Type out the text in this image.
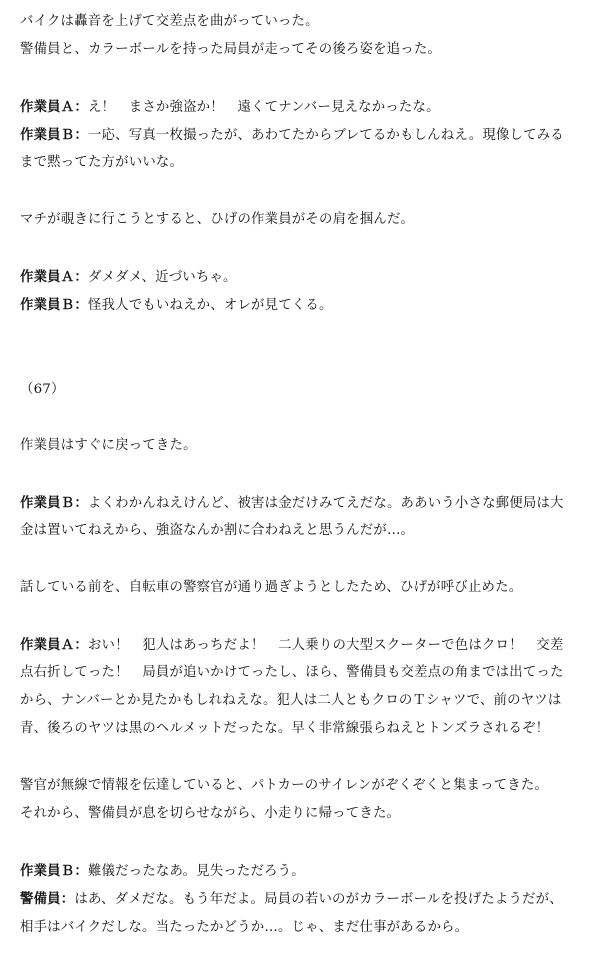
バイクは轟音を上げて交差点を曲がっていった。
警備員と、カラーボールを持った局員が走ってその後ろ姿を追った。
作業員Ａ：え！　まさか強盗か！　遠くてナンバー見えなかったな。
作業員Ｂ：一応、写真一枚撮ったが、あわてたからブレてるかもしんねえ。現像してみる
まで黙ってた方がいいな。
マチが覗きに行こうとすると、ひげの作業員がその肩を掴んだ。
作業員Ａ：ダメダメ、近づいちゃ。
作業員Ｂ：怪我人でもいねえか、オレが見てくる。
（67）
作業員はすぐに戻ってきた。
作業員Ｂ：よくわかんねえけんど、被害は金だけみてえだな。ああいう小さな郵便局は大
金は置いてねえから、強盗なんか割に合わねえと思うんだが…。
話している前を、自転車の警察官が通り過ぎようとしたため、ひげが呼び止めた。
作業員Ａ：おい！　犯人はあっちだよ！　二人乗りの大型スクーターで色はクロ！　交差
点右折してった！　局員が追いかけてったし、ほら、警備員も交差点の角までは出てった
から、ナンバーとか見たかもしれねえな。犯人は二人ともクロのＴシャツで、前のヤツは
青、後ろのヤツは黒のヘルメットだったな。早く非常線張らねえとトンズラされるぞ！
警官が無線で情報を伝達していると、パトカーのサイレンがぞくぞくと集まってきた。
それから、警備員が息を切らせながら、小走りに帰ってきた。
作業員Ｂ：難儀だったなあ。見失っただろう。
警備員：はあ、ダメだな。もう年だよ。局員の若いのがカラーボールを投げたようだが、
相手はバイクだしな。当たったかどうか…。じゃ、まだ仕事があるから。
